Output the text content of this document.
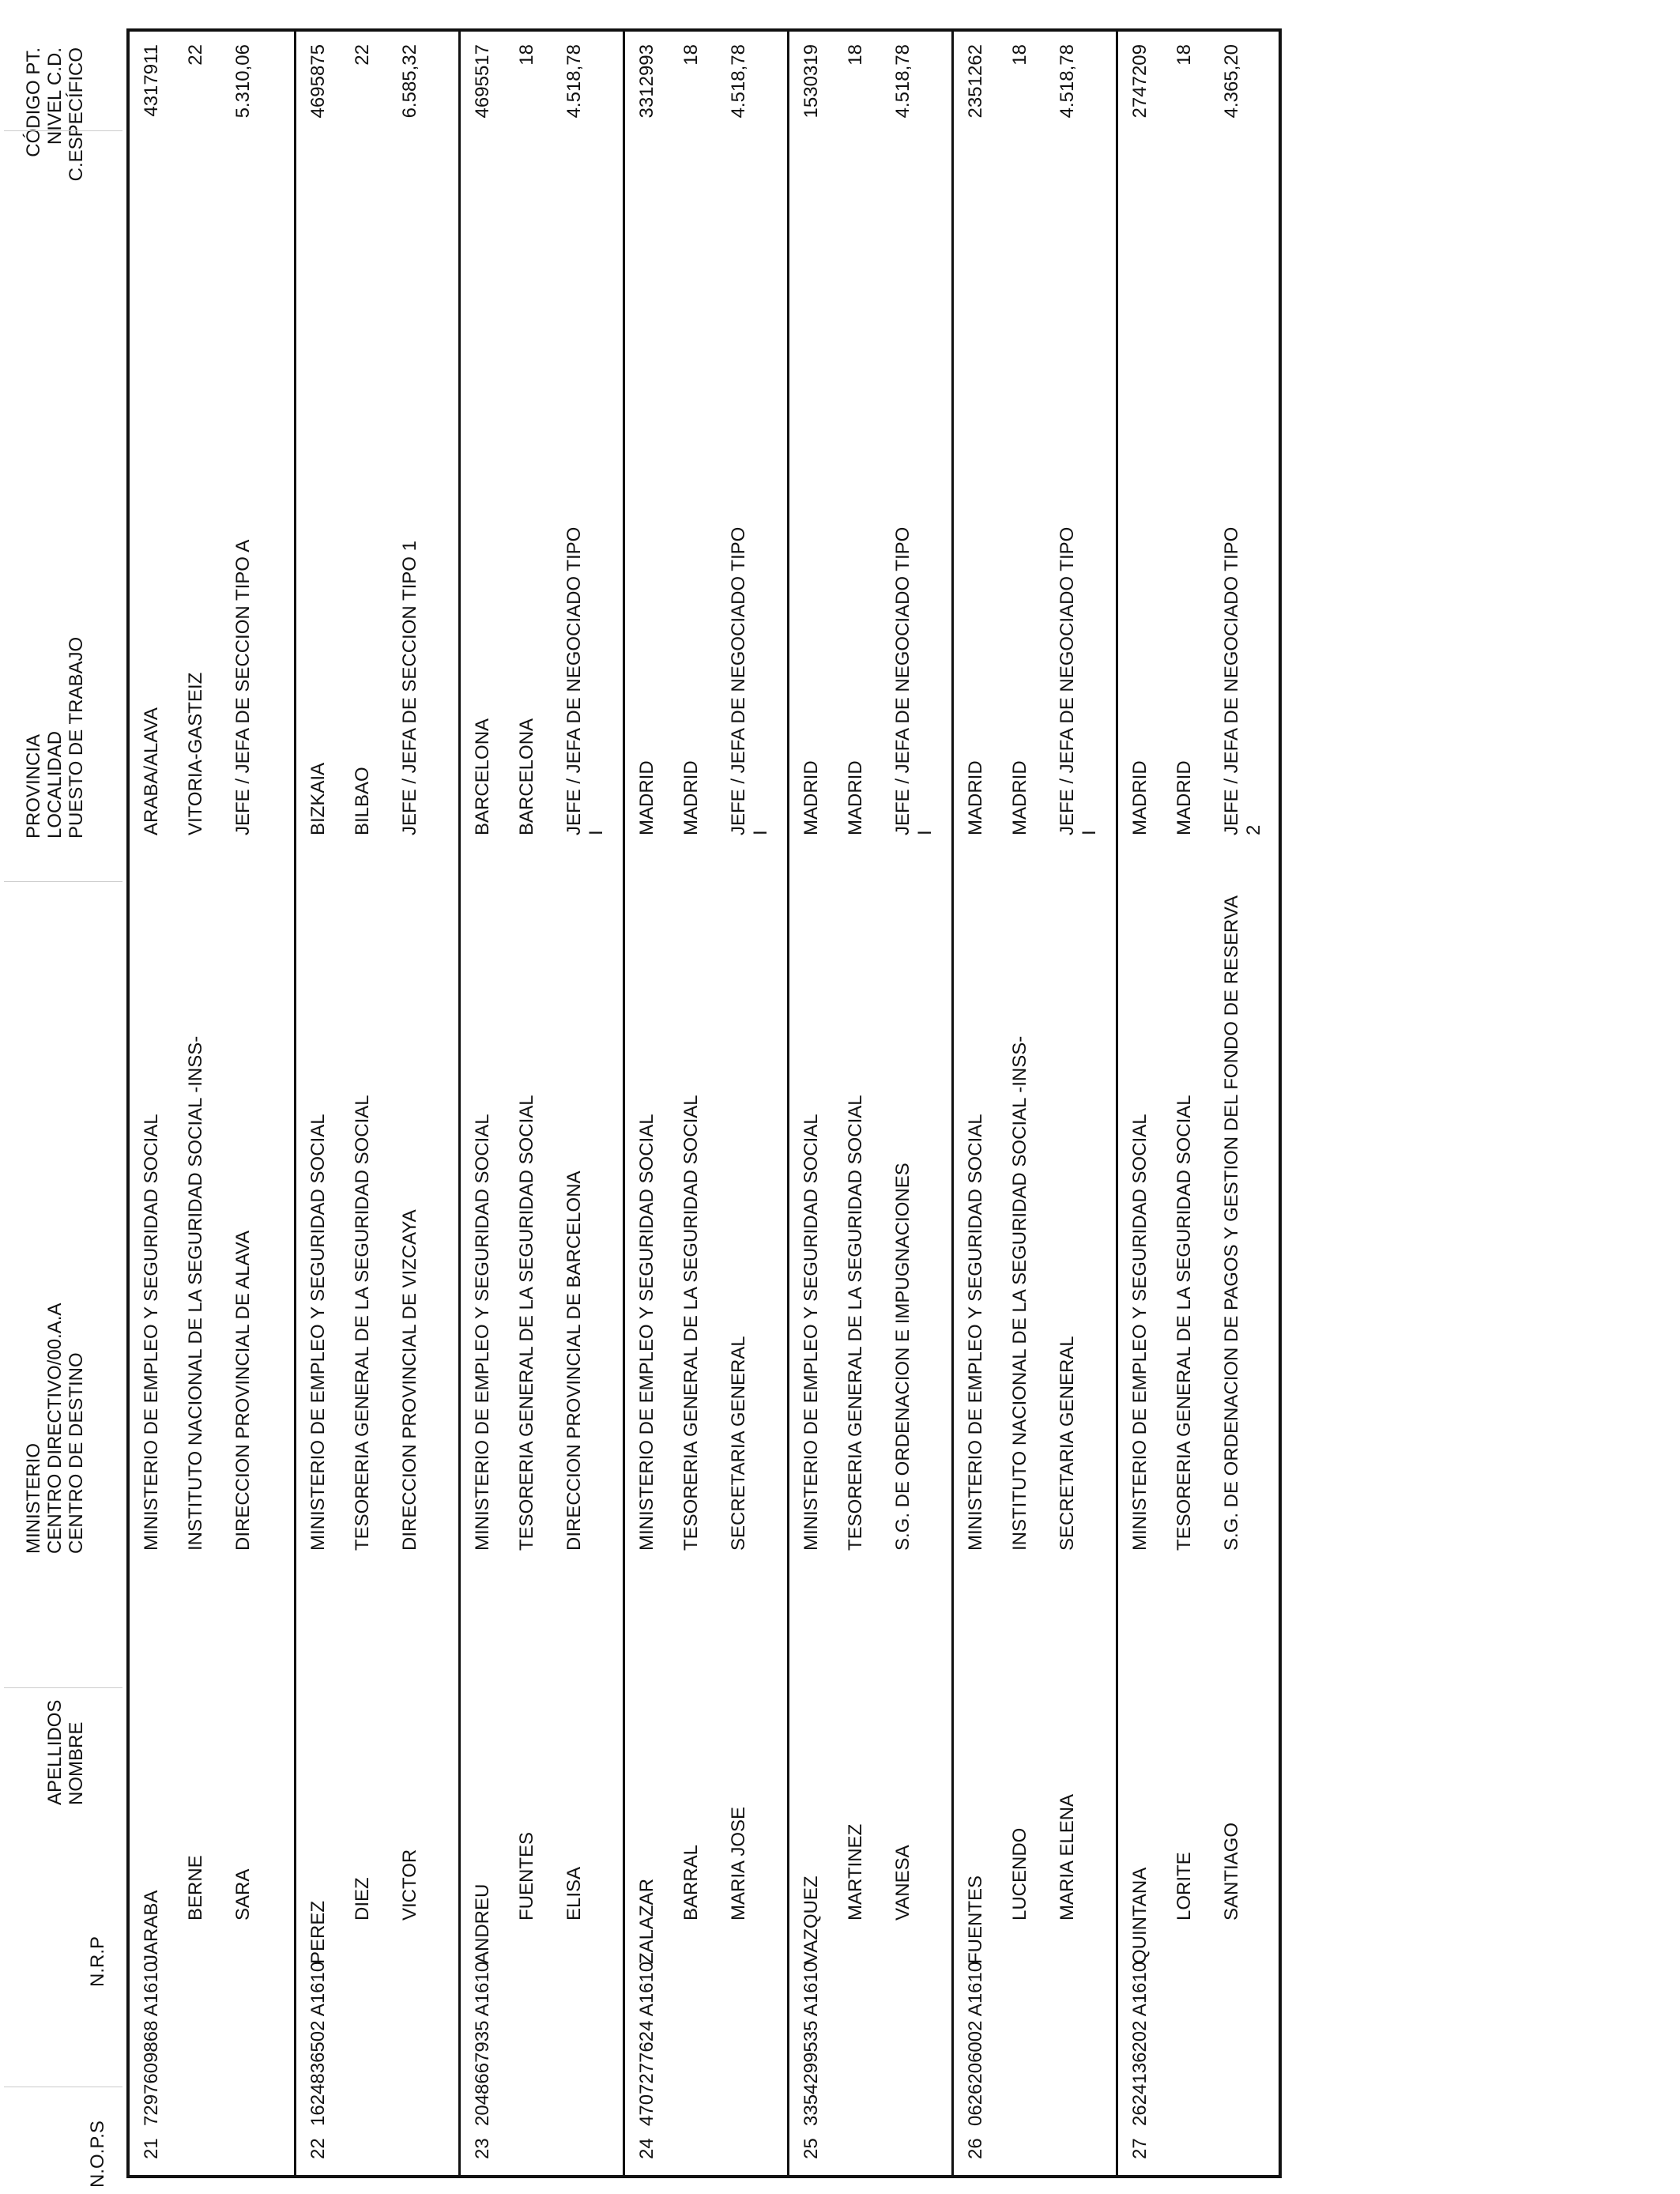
N.O.P.S
N.R.P
APELLIDOS NOMBRE
MINISTERIO CENTRO DIRECTIVO/00.A.A CENTRO DE DESTINO
PROVINCIA LOCALIDAD PUESTO DE TRABAJO
CÓDIGO PT. NIVEL C.D. C.ESPECÍFICO
21
7297609868 A1610
JARABA
MINISTERIO DE EMPLEO Y SEGURIDAD SOCIAL
ARABA/ALAVA
4317911
BERNE
INSTITUTO NACIONAL DE LA SEGURIDAD SOCIAL -INSS-
VITORIA-GASTEIZ
22
SARA
DIRECCION PROVINCIAL DE ALAVA
JEFE / JEFA DE SECCION TIPO A
5.310,06
22
1624836502 A1610
PEREZ
MINISTERIO DE EMPLEO Y SEGURIDAD SOCIAL
BIZKAIA
4695875
DIEZ
TESORERIA GENERAL DE LA SEGURIDAD SOCIAL
BILBAO
22
VICTOR
DIRECCION PROVINCIAL DE VIZCAYA
JEFE / JEFA DE SECCION TIPO 1
6.585,32
23
2048667935 A1610
ANDREU
MINISTERIO DE EMPLEO Y SEGURIDAD SOCIAL
BARCELONA
4695517
FUENTES
TESORERIA GENERAL DE LA SEGURIDAD SOCIAL
BARCELONA
18
ELISA
DIRECCION PROVINCIAL DE BARCELONA
JEFE / JEFA DE NEGOCIADO TIPO
4.518,78
I
24
4707277624 A1610
ZALAZAR
MINISTERIO DE EMPLEO Y SEGURIDAD SOCIAL
MADRID
3312993
BARRAL
TESORERIA GENERAL DE LA SEGURIDAD SOCIAL
MADRID
18
MARIA JOSE
SECRETARIA GENERAL
JEFE / JEFA DE NEGOCIADO TIPO
4.518,78
I
25
3354299535 A1610
VAZQUEZ
MINISTERIO DE EMPLEO Y SEGURIDAD SOCIAL
MADRID
1530319
MARTINEZ
TESORERIA GENERAL DE LA SEGURIDAD SOCIAL
MADRID
18
VANESA
S.G. DE ORDENACION E IMPUGNACIONES
JEFE / JEFA DE NEGOCIADO TIPO
4.518,78
I
26
0626206002 A1610
FUENTES
MINISTERIO DE EMPLEO Y SEGURIDAD SOCIAL
MADRID
2351262
LUCENDO
INSTITUTO NACIONAL DE LA SEGURIDAD SOCIAL -INSS-
MADRID
18
MARIA ELENA
SECRETARIA GENERAL
JEFE / JEFA DE NEGOCIADO TIPO
4.518,78
I
27
2624136202 A1610
QUINTANA
MINISTERIO DE EMPLEO Y SEGURIDAD SOCIAL
MADRID
2747209
LORITE
TESORERIA GENERAL DE LA SEGURIDAD SOCIAL
MADRID
18
SANTIAGO
S.G. DE ORDENACION DE PAGOS Y GESTION DEL FONDO DE RESERVA
JEFE / JEFA DE NEGOCIADO TIPO
4.365,20
2
